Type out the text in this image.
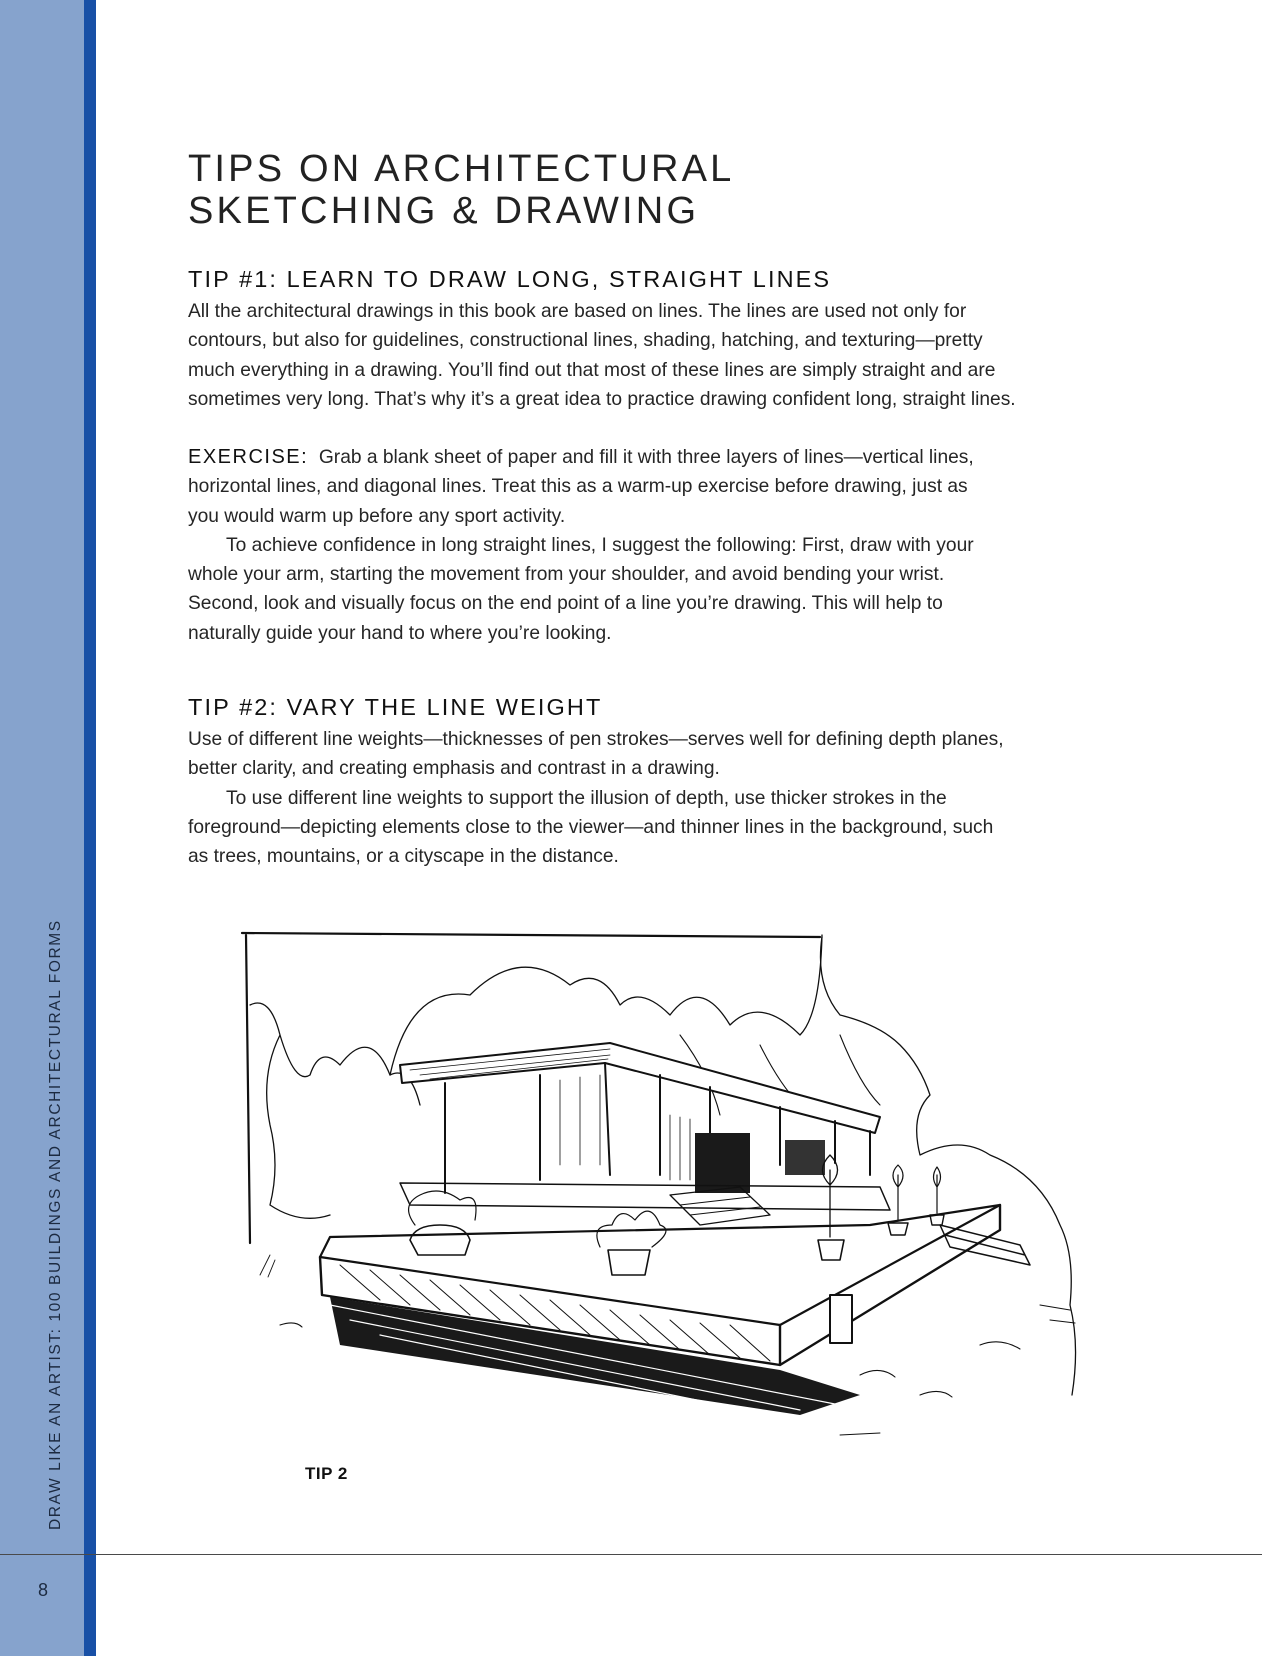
DRAW LIKE AN ARTIST: 100 BUILDINGS AND ARCHITECTURAL FORMS
8
TIPS ON ARCHITECTURAL
SKETCHING & DRAWING
TIP #1: LEARN TO DRAW LONG, STRAIGHT LINES
All the architectural drawings in this book are based on lines. The lines are used not only for
contours, but also for guidelines, constructional lines, shading, hatching, and texturing—pretty
much everything in a drawing. You’ll find out that most of these lines are simply straight and are
sometimes very long. That’s why it’s a great idea to practice drawing confident long, straight lines.
EXERCISE: Grab a blank sheet of paper and fill it with three layers of lines—vertical lines,
horizontal lines, and diagonal lines. Treat this as a warm-up exercise before drawing, just as
you would warm up before any sport activity.
To achieve confidence in long straight lines, I suggest the following: First, draw with your
whole your arm, starting the movement from your shoulder, and avoid bending your wrist.
Second, look and visually focus on the end point of a line you’re drawing. This will help to
naturally guide your hand to where you’re looking.
TIP #2: VARY THE LINE WEIGHT
Use of different line weights—thicknesses of pen strokes—serves well for defining depth planes,
better clarity, and creating emphasis and contrast in a drawing.
To use different line weights to support the illusion of depth, use thicker strokes in the
foreground—depicting elements close to the viewer—and thinner lines in the background, such
as trees, mountains, or a cityscape in the distance.
TIP 2
